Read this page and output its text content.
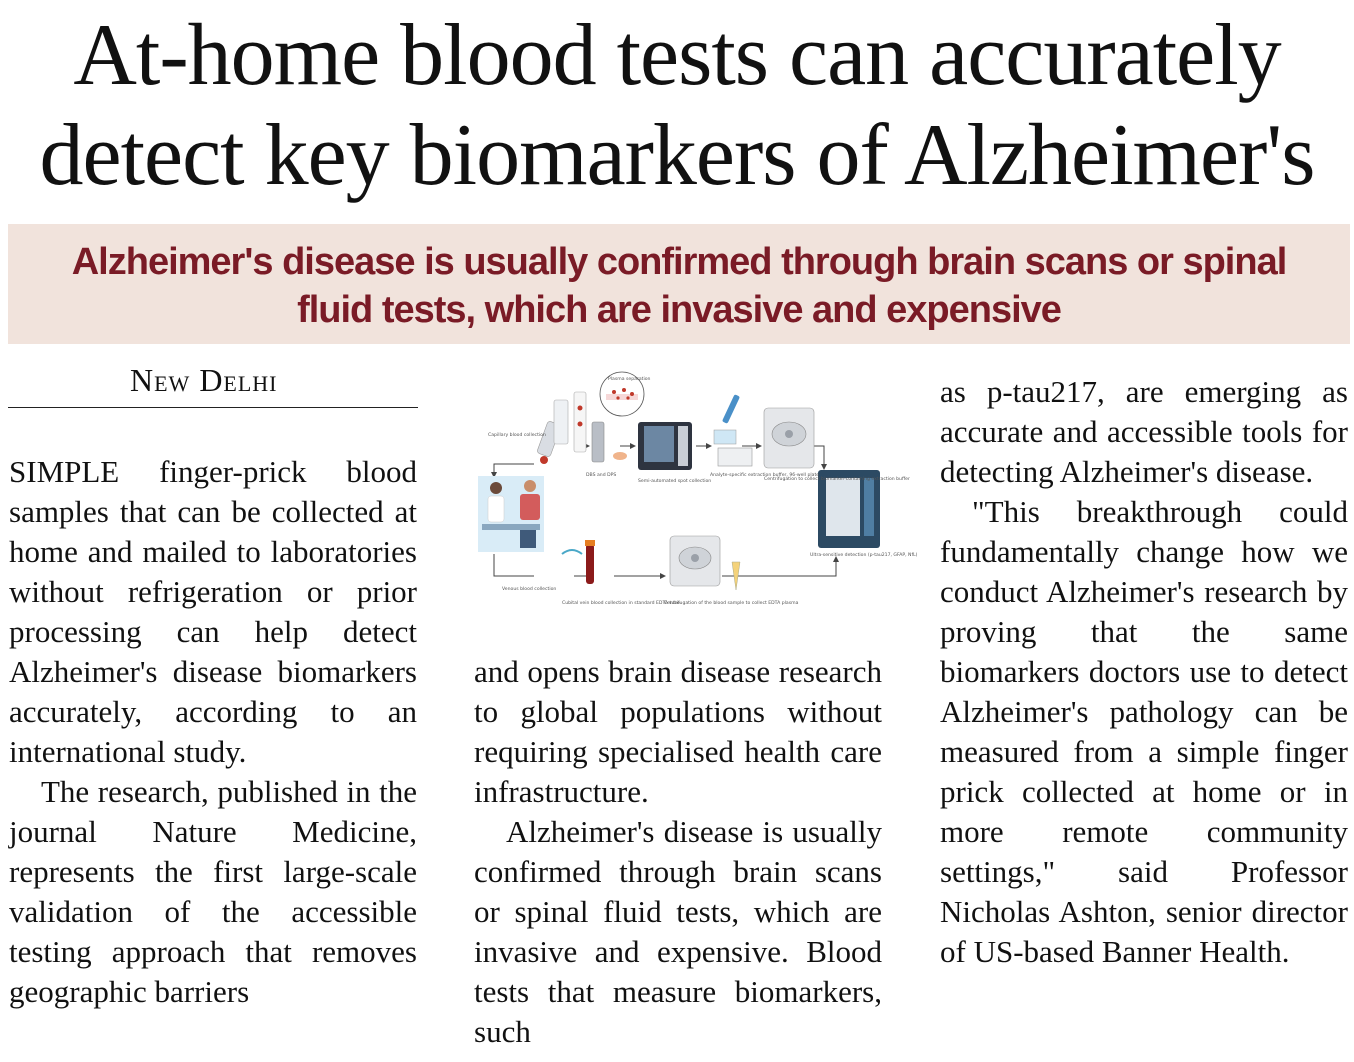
At-home blood tests can accurately
detect key biomarkers of Alzheimer's
Alzheimer's disease is usually confirmed through brain scans or spinal fluid tests, which are invasive and expensive
New Delhi

SIMPLE finger-prick blood samples that can be collected at home and mailed to laboratories without refrigeration or prior processing can help detect Alzheimer's disease biomarkers accurately, according to an international study.

The research, published in the journal Nature Medicine, represents the first large-scale validation of the accessible testing approach that removes geographic barriers

Plasma separation
Capillary blood collection
DBS and DPS
Semi-automated spot collection
Analyte-specific extraction buffer, 96-well plate
Centrifugation to collect biomarker-containing extraction buffer
Ultra-sensitive detection (p-tau217, GFAP, NfL)
Venous blood collection
Cubital vein blood collection in standard EDTA tube
Centrifugation of the blood sample to collect EDTA plasma

and opens brain disease research to global populations without requiring specialised health care infrastructure.

Alzheimer's disease is usually confirmed through brain scans or spinal fluid tests, which are invasive and expensive. Blood tests that measure biomarkers, such

as p-tau217, are emerging as accurate and accessible tools for detecting Alzheimer's disease.

"This breakthrough could fundamentally change how we conduct Alzheimer's research by proving that the same biomarkers doctors use to detect Alzheimer's pathology can be measured from a simple finger prick collected at home or in more remote community settings," said Professor Nicholas Ashton, senior director of US-based Banner Health.
